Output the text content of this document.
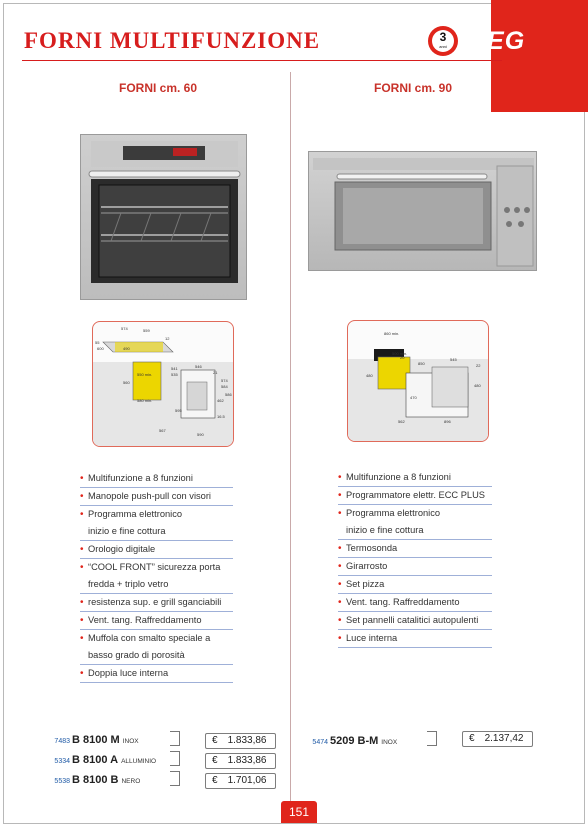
FORNI MULTIFUNZIONE	3
anni AEG
FORNI cm. 60
574	559
55
12
600	490
550 min.
560
580 min.
541
535
546
21
574
584
586
462
567
16.5
590
595
• Multifunzione a 8 funzioni
• Manopole push-pull con visori
• Programma elettronico
inizio e fine cottura
• Orologio digitale
• “COOL FRONT” sicurezza porta
fredda + triplo vetro
• resistenza sup. e grill sganciabili
• Vent. tang. Raffreddamento
• Muffola con smalto speciale a
basso grado di porosità
• Doppia luce interna
7483 B 8100 M INOX	€ 1.833,86
5334 B 8100 A ALLUMINIO	€ 1.833,86
5538 B 8100 B NERO	€ 1.701,06
FORNI cm. 90
860 min.
500 min.
20
480
850
545
22
480
470
562	896
• Multifunzione a 8 funzioni
• Programmatore elettr. ECC PLUS
• Programma elettronico
inizio e fine cottura
• Termosonda
• Girarrosto
• Set pizza
• Vent. tang. Raffreddamento
• Set pannelli catalitici autopulenti
• Luce interna
5474 5209 B-M INOX	€ 2.137,42
151
